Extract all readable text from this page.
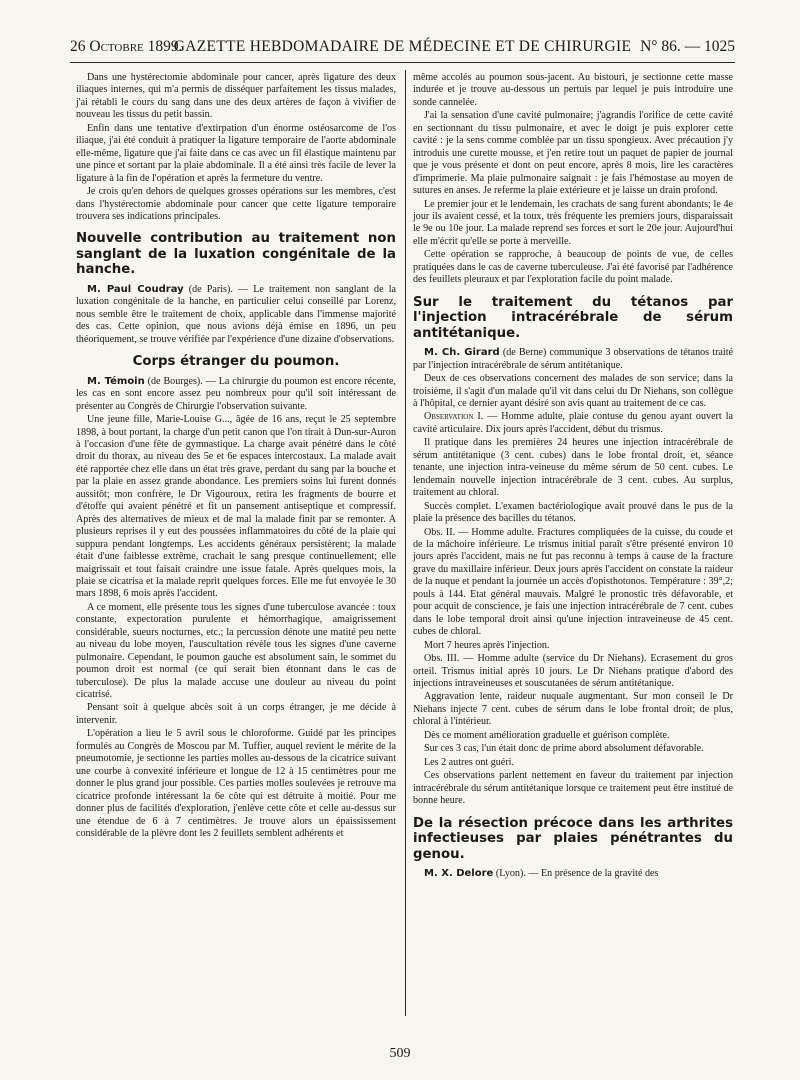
26 Octobre 1899.
GAZETTE HEBDOMADAIRE DE MÉDECINE ET DE CHIRURGIE N° 86. — 1025

Dans une hystérectomie abdominale pour cancer, après ligature des deux iliaques internes, qui m'a permis de disséquer parfaitement les tissus malades, j'ai rétabli le cours du sang dans une des deux artères de façon à vivifier de nouveau les tissus du petit bassin.

Enfin dans une tentative d'extirpation d'un énorme ostéosarcome de l'os iliaque, j'ai été conduit à pratiquer la ligature temporaire de l'aorte abdominale elle-même, ligature que j'ai faite dans ce cas avec un fil élastique maintenu par une pince et sortant par la plaie abdominale. Il a été ainsi très facile de lever la ligature à la fin de l'opération et après la fermeture du ventre.

Je crois qu'en dehors de quelques grosses opérations sur les membres, c'est dans l'hystérectomie abdominale pour cancer que cette ligature temporaire trouvera ses indications principales.

Nouvelle contribution au traitement non sanglant de la luxation congénitale de la hanche.

M. Paul Coudray (de Paris). — Le traitement non sanglant de la luxation congénitale de la hanche, en particulier celui conseillé par Lorenz, nous semble être le traitement de choix, applicable dans l'immense majorité des cas. Cette opinion, que nous avions déjà émise en 1896, un peu théoriquement, se trouve vérifiée par l'expérience d'une dizaine d'observations.

Corps étranger du poumon.

M. Témoin (de Bourges). — La chirurgie du poumon est encore récente, les cas en sont encore assez peu nombreux pour qu'il soit intéressant de présenter au Congrès de Chirurgie l'observation suivante.

Une jeune fille, Marie-Louise G..., âgée de 16 ans, reçut le 25 septembre 1898, à bout portant, la charge d'un petit canon que l'on tirait à Dun-sur-Auron à l'occasion d'une fête de gymnastique. La charge avait pénétré dans le côté droit du thorax, au niveau des 5e et 6e espaces intercostaux. La malade avait été rapportée chez elle dans un état très grave, perdant du sang par la bouche et par la plaie en assez grande abondance. Les premiers soins lui furent donnés aussitôt; mon confrère, le Dr Vigouroux, retira les fragments de bourre et d'étoffe qui avaient pénétré et fit un pansement antiseptique et compressif. Après des alternatives de mieux et de mal la malade finit par se remonter. A plusieurs reprises il y eut des poussées inflammatoires du côté de la plaie qui suppura pendant longtemps. Les accidents généraux persistèrent; la malade était d'une faiblesse extrême, crachait le sang presque continuellement; elle maigrissait et tout faisait craindre une issue fatale. Après quelques mois, la plaie se cicatrisa et la malade reprit quelques forces. Elle me fut envoyée le 30 mars 1898, 6 mois après l'accident.

A ce moment, elle présente tous les signes d'une tuberculose avancée : toux constante, expectoration purulente et hémorrhagique, amaigrissement considérable, sueurs nocturnes, etc.; la percussion dénote une matité peu nette au niveau du lobe moyen, l'auscultation révèle tous les signes d'une caverne pulmonaire. Cependant, le poumon gauche est absolument sain, le sommet du poumon droit est normal (ce qui serait bien étonnant dans le cas de tuberculose). De plus la malade accuse une douleur au niveau du point cicatrisé.

Pensant soit à quelque abcès soit à un corps étranger, je me décide à intervenir.

L'opération a lieu le 5 avril sous le chloroforme. Guidé par les principes formulés au Congrès de Moscou par M. Tuffier, auquel revient le mérite de la pneumotomie, je sectionne les parties molles au-dessous de la cicatrice suivant une courbe à convexité inférieure et longue de 12 à 15 centimètres pour me donner le plus grand jour possible. Ces parties molles soulevées je retrouve ma cicatrice profonde intéressant la 6e côte qui est détruite à moitié. Pour me donner plus de facilités d'exploration, j'enlève cette côte et celle au-dessus sur une étendue de 6 à 7 centimètres. Je trouve alors un épaississement considérable de la plèvre dont les 2 feuillets semblent adhérents et

même accolés au poumon sous-jacent. Au bistouri, je sectionne cette masse indurée et je trouve au-dessous un pertuis par lequel je puis introduire une sonde cannelée.

J'ai la sensation d'une cavité pulmonaire; j'agrandis l'orifice de cette cavité en sectionnant du tissu pulmonaire, et avec le doigt je puis explorer cette cavité : je la sens comme comblée par un tissu spongieux. Avec précaution j'y introduis une curette mousse, et j'en retire tout un paquet de papier de journal que je vous présente et dont on peut encore, après 8 mois, lire les caractères d'imprimerie. Ma plaie pulmonaire saignait : je fais l'hémostase au moyen de sutures en anses. Je referme la plaie extérieure et je laisse un drain profond.

Le premier jour et le lendemain, les crachats de sang furent abondants; le 4e jour ils avaient cessé, et la toux, très fréquente les premiers jours, disparaissait le 9e ou 10e jour. La malade reprend ses forces et sort le 20e jour. Aujourd'hui elle m'écrit qu'elle se porte à merveille.

Cette opération se rapproche, à beaucoup de points de vue, de celles pratiquées dans le cas de caverne tuberculeuse. J'ai été favorisé par l'adhérence des feuillets pleuraux et par l'exploration facile du point malade.

Sur le traitement du tétanos par l'injection intracérébrale de sérum antitétanique.

M. Ch. Girard (de Berne) communique 3 observations de tétanos traité par l'injection intracérébrale de sérum antitétanique.

Deux de ces observations concernent des malades de son service; dans la troisième, il s'agit d'un malade qu'il vit dans celui du Dr Niehans, son collègue à l'hôpital, ce dernier ayant désiré son avis quant au traitement de ce cas.

Observation I. — Homme adulte, plaie contuse du genou ayant ouvert la cavité articulaire. Dix jours après l'accident, début du trismus.

Il pratique dans les premières 24 heures une injection intracérébrale de sérum antitétanique (3 cent. cubes) dans le lobe frontal droit, et, séance tenante, une injection intra-veineuse du même sérum de 50 cent. cubes. Le lendemain nouvelle injection intracérébrale de 3 cent. cubes. Au surplus, traitement au chloral.

Succès complet. L'examen bactériologique avait prouvé dans le pus de la plaie la présence des bacilles du tétanos.

Obs. II. — Homme adulte. Fractures compliquées de la cuisse, du coude et de la mâchoire inférieure. Le trismus initial paraît s'être présenté environ 10 jours après l'accident, mais ne fut pas reconnu à temps à cause de la fracture grave du maxillaire inférieur. Deux jours après l'accident on constate la raideur de la nuque et pendant la journée un accès d'opisthotonos. Température : 39°,2; pouls à 144. Etat général mauvais. Malgré le pronostic très défavorable, et pour acquit de conscience, je fais une injection intracérébrale de 7 cent. cubes dans le lobe temporal droit ainsi qu'une injection intraveineuse de 45 cent. cubes de chloral.

Mort 7 heures après l'injection.

Obs. III. — Homme adulte (service du Dr Niehans). Ecrasement du gros orteil. Trismus initial après 10 jours. Le Dr Niehans pratique d'abord des injections intraveineuses et souscutanées de sérum antitétanique.

Aggravation lente, raideur nuquale augmentant. Sur mon conseil le Dr Niehans injecte 7 cent. cubes de sérum dans le lobe frontal droit; de plus, chloral à l'intérieur.

Dès ce moment amélioration graduelle et guérison complète.

Sur ces 3 cas, l'un était donc de prime abord absolument défavorable.

Les 2 autres ont guéri.

Ces observations parlent nettement en faveur du traitement par injection intracérébrale du sérum antitétanique lorsque ce traitement peut être institué de bonne heure.

De la résection précoce dans les arthrites infectieuses par plaies pénétrantes du genou.

M. X. Delore (Lyon). — En présence de la gravité des

509
